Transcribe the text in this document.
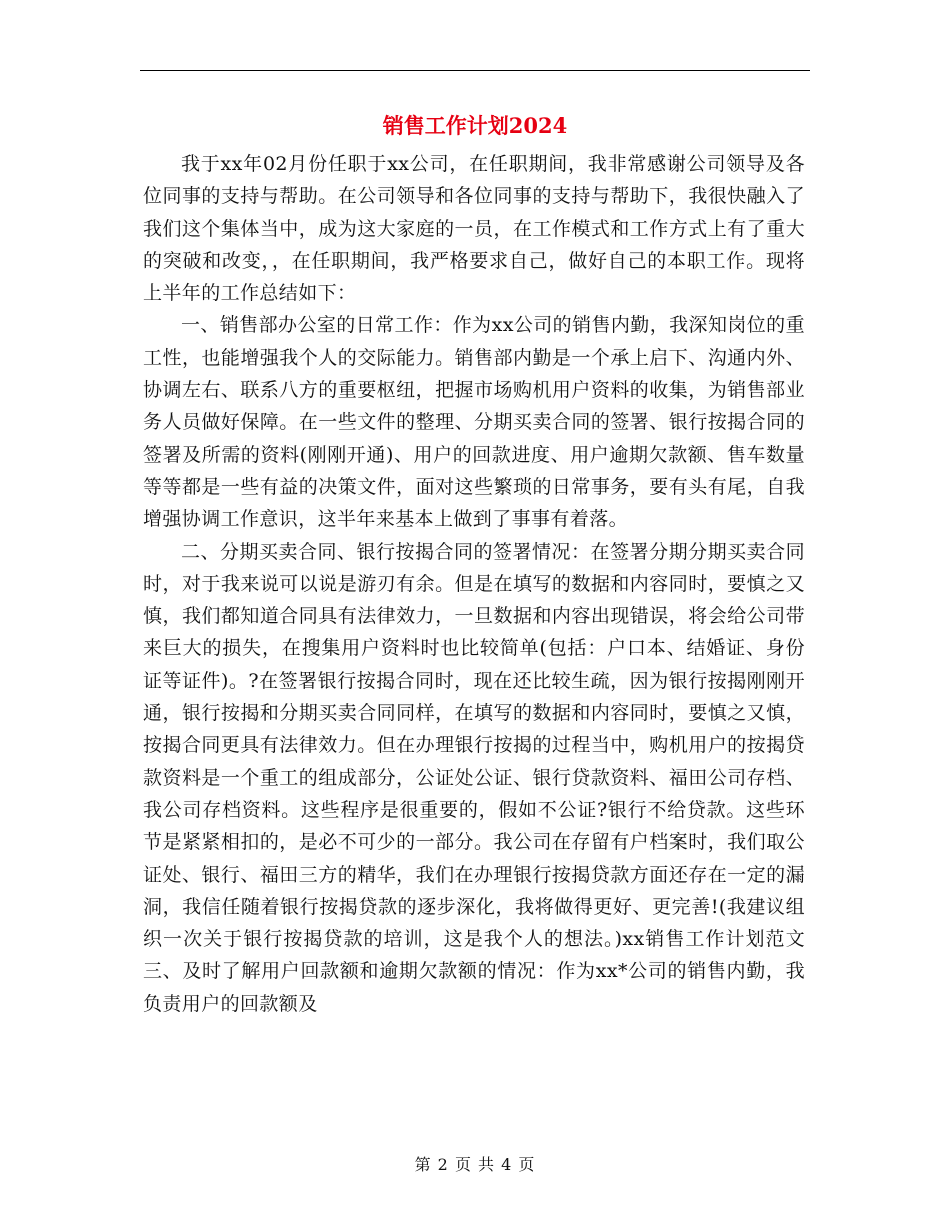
销售工作计划2024

我于xx年02月份任职于xx公司，在任职期间，我非常感谢公司领导及各位同事的支持与帮助。在公司领导和各位同事的支持与帮助下，我很快融入了我们这个集体当中，成为这大家庭的一员，在工作模式和工作方式上有了重大的突破和改变，，在任职期间，我严格要求自己，做好自己的本职工作。现将上半年的工作总结如下：

一、销售部办公室的日常工作：作为xx公司的销售内勤，我深知岗位的重工性，也能增强我个人的交际能力。销售部内勤是一个承上启下、沟通内外、协调左右、联系八方的重要枢纽，把握市场购机用户资料的收集，为销售部业务人员做好保障。在一些文件的整理、分期买卖合同的签署、银行按揭合同的签署及所需的资料(刚刚开通)、用户的回款进度、用户逾期欠款额、售车数量等等都是一些有益的决策文件，面对这些繁琐的日常事务，要有头有尾，自我增强协调工作意识，这半年来基本上做到了事事有着落。

二、分期买卖合同、银行按揭合同的签署情况：在签署分期分期买卖合同时，对于我来说可以说是游刃有余。但是在填写的数据和内容同时，要慎之又慎，我们都知道合同具有法律效力，一旦数据和内容出现错误，将会给公司带来巨大的损失，在搜集用户资料时也比较简单(包括：户口本、结婚证、身份证等证件)。?在签署银行按揭合同时，现在还比较生疏，因为银行按揭刚刚开通，银行按揭和分期买卖合同同样，在填写的数据和内容同时，要慎之又慎，按揭合同更具有法律效力。但在办理银行按揭的过程当中，购机用户的按揭贷款资料是一个重工的组成部分，公证处公证、银行贷款资料、福田公司存档、我公司存档资料。这些程序是很重要的，假如不公证?银行不给贷款。这些环节是紧紧相扣的，是必不可少的一部分。我公司在存留有户档案时，我们取公证处、银行、福田三方的精华，我们在办理银行按揭贷款方面还存在一定的漏洞，我信任随着银行按揭贷款的逐步深化，我将做得更好、更完善!(我建议组织一次关于银行按揭贷款的培训，这是我个人的想法。)xx销售工作计划范文三、及时了解用户回款额和逾期欠款额的情况：作为xx*公司的销售内勤，我负责用户的回款额及

第 2 页 共 4 页
